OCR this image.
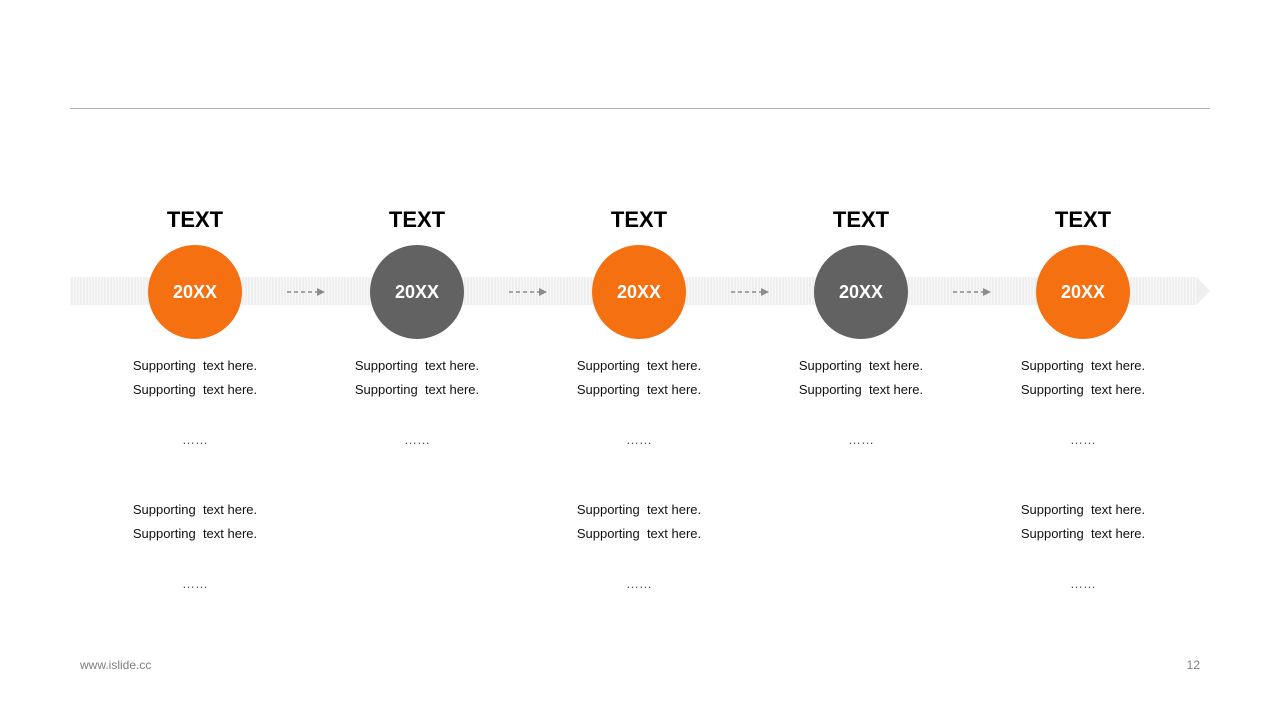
TEXT
20XX
Supporting  text here.
Supporting  text here.
……
Supporting  text here.
Supporting  text here.
……
TEXT
20XX
Supporting  text here.
Supporting  text here.
……
TEXT
20XX
Supporting  text here.
Supporting  text here.
……
Supporting  text here.
Supporting  text here.
……
TEXT
20XX
Supporting  text here.
Supporting  text here.
……
TEXT
20XX
Supporting  text here.
Supporting  text here.
……
Supporting  text here.
Supporting  text here.
……
www.islide.cc	12
